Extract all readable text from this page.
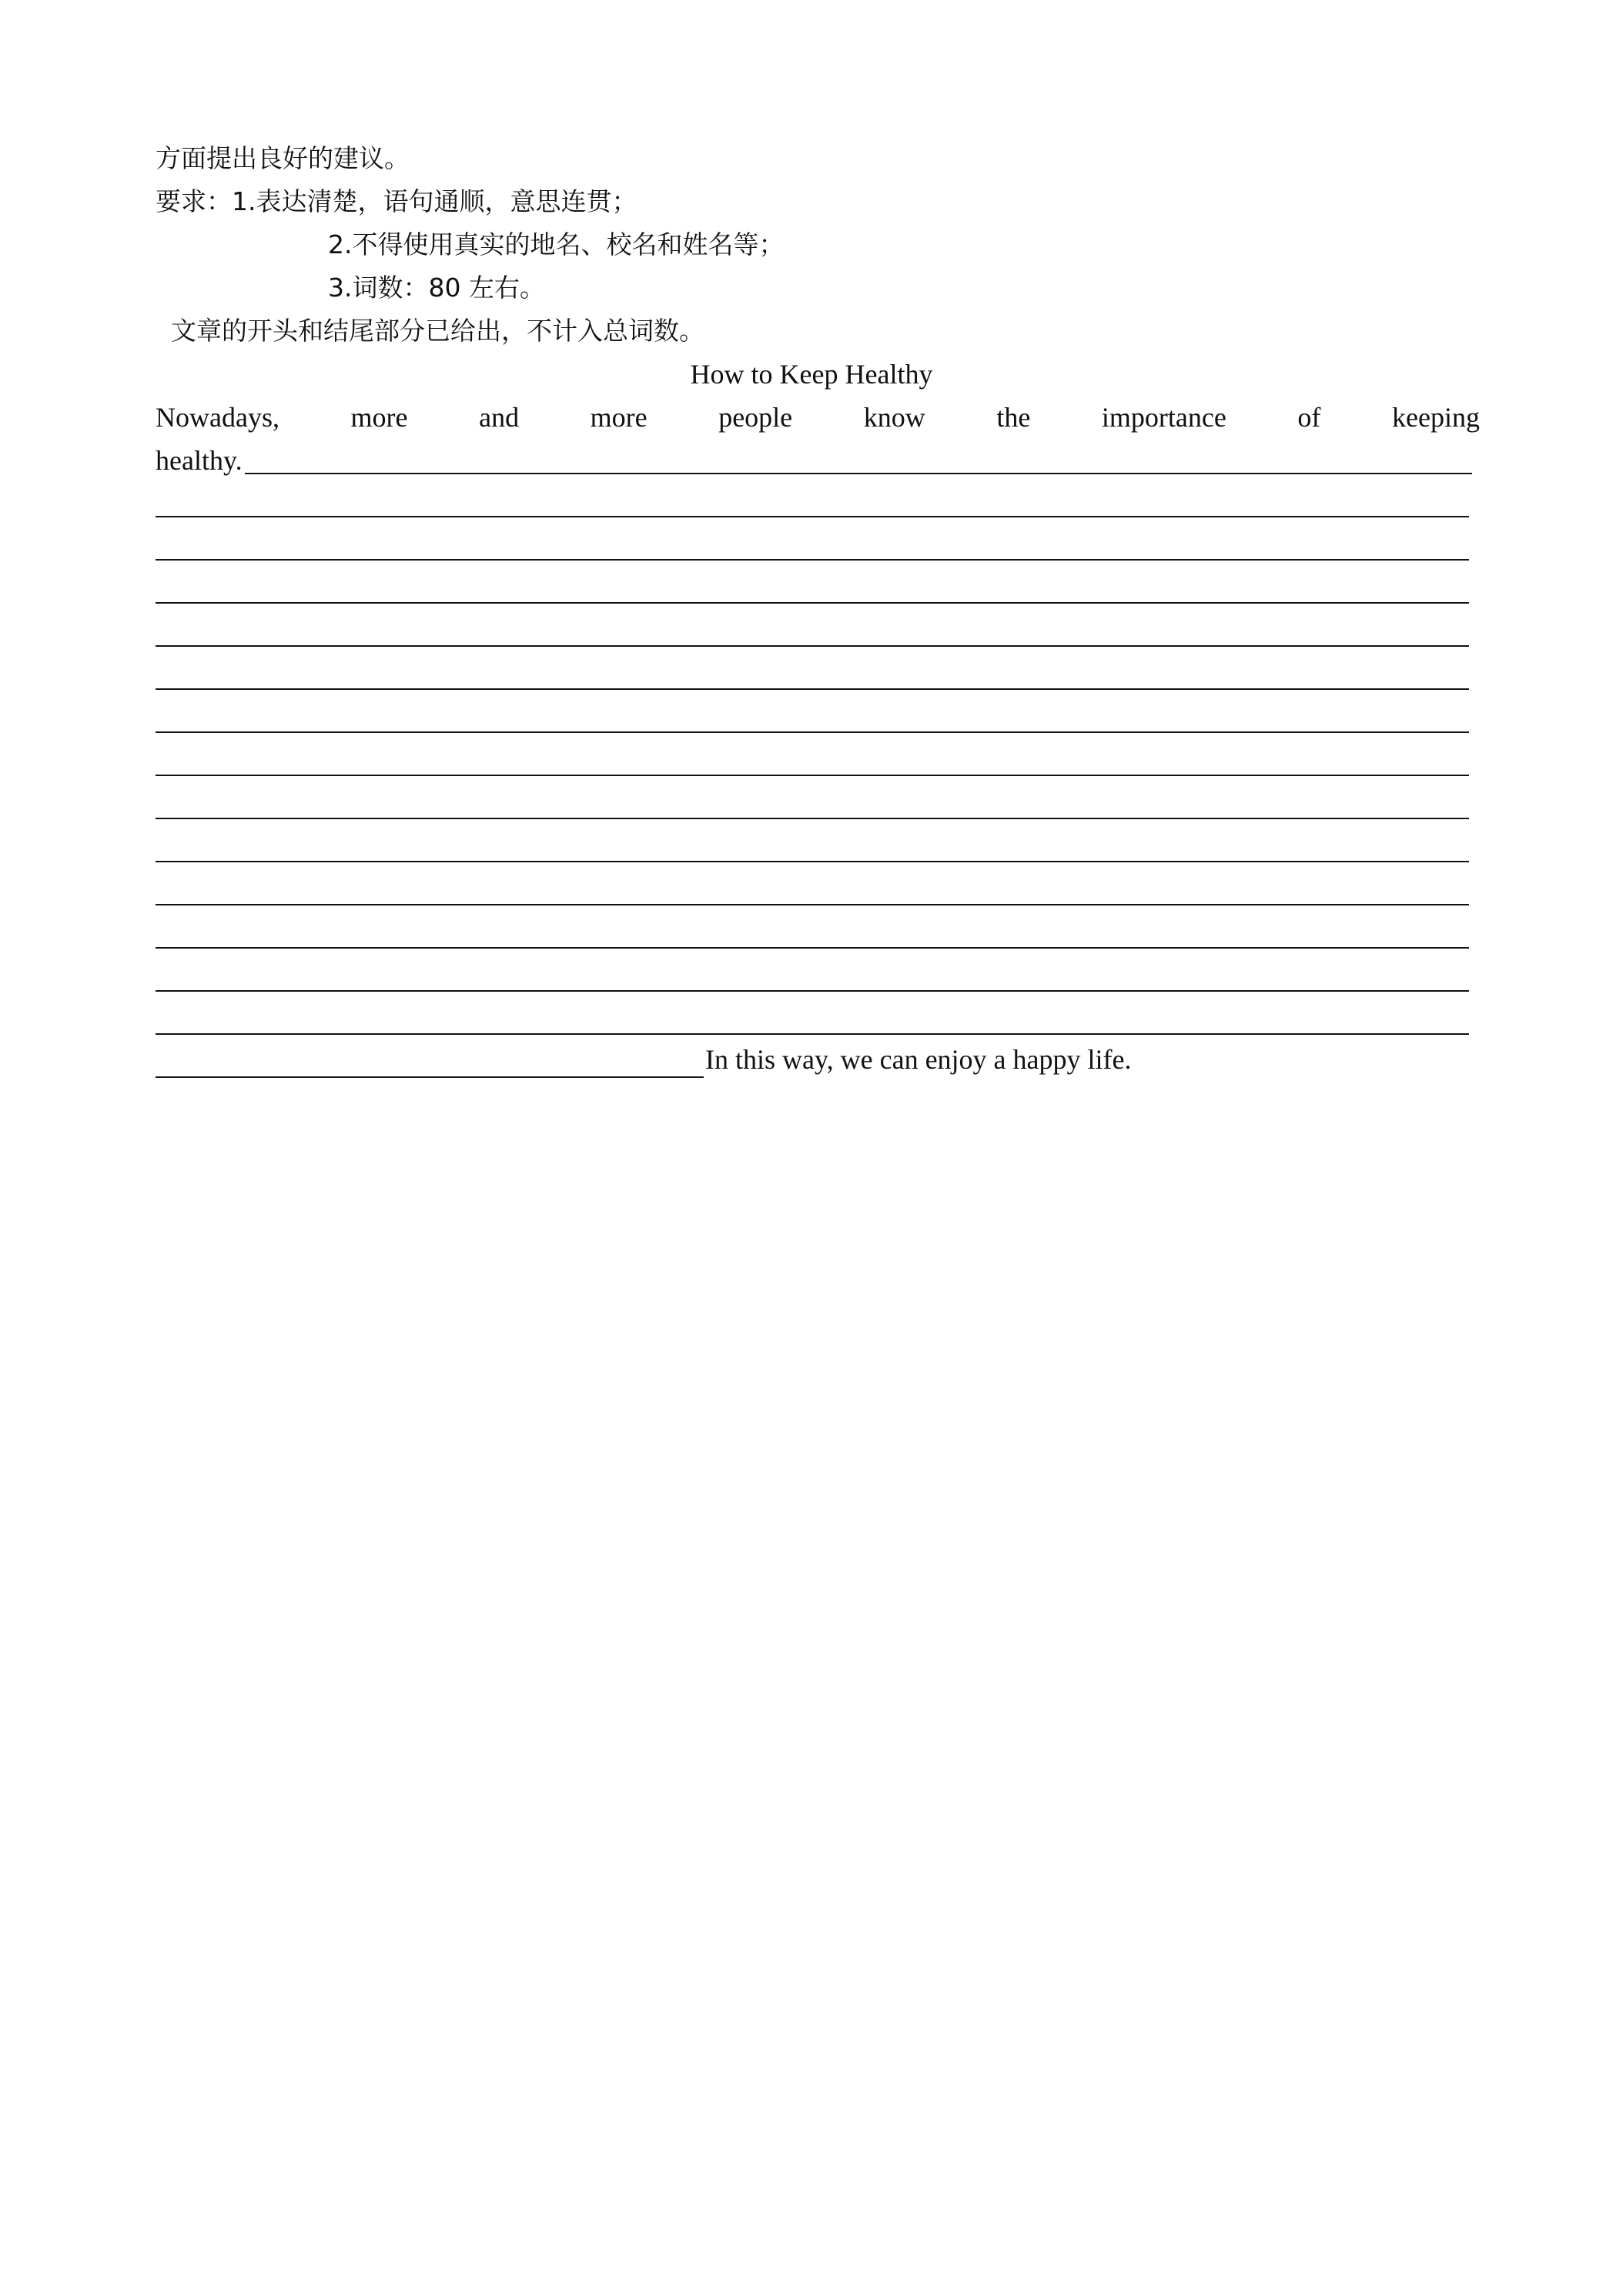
方面提出良好的建议。
要求：1.表达清楚，语句通顺，意思连贯；
2.不得使用真实的地名、校名和姓名等；
3.词数：80 左右。
文章的开头和结尾部分已给出，不计入总词数。
How to Keep Healthy
Nowadays,	more	and	more	people	know	the	importance	of	keeping
healthy.
In this way, we can enjoy a happy life.
